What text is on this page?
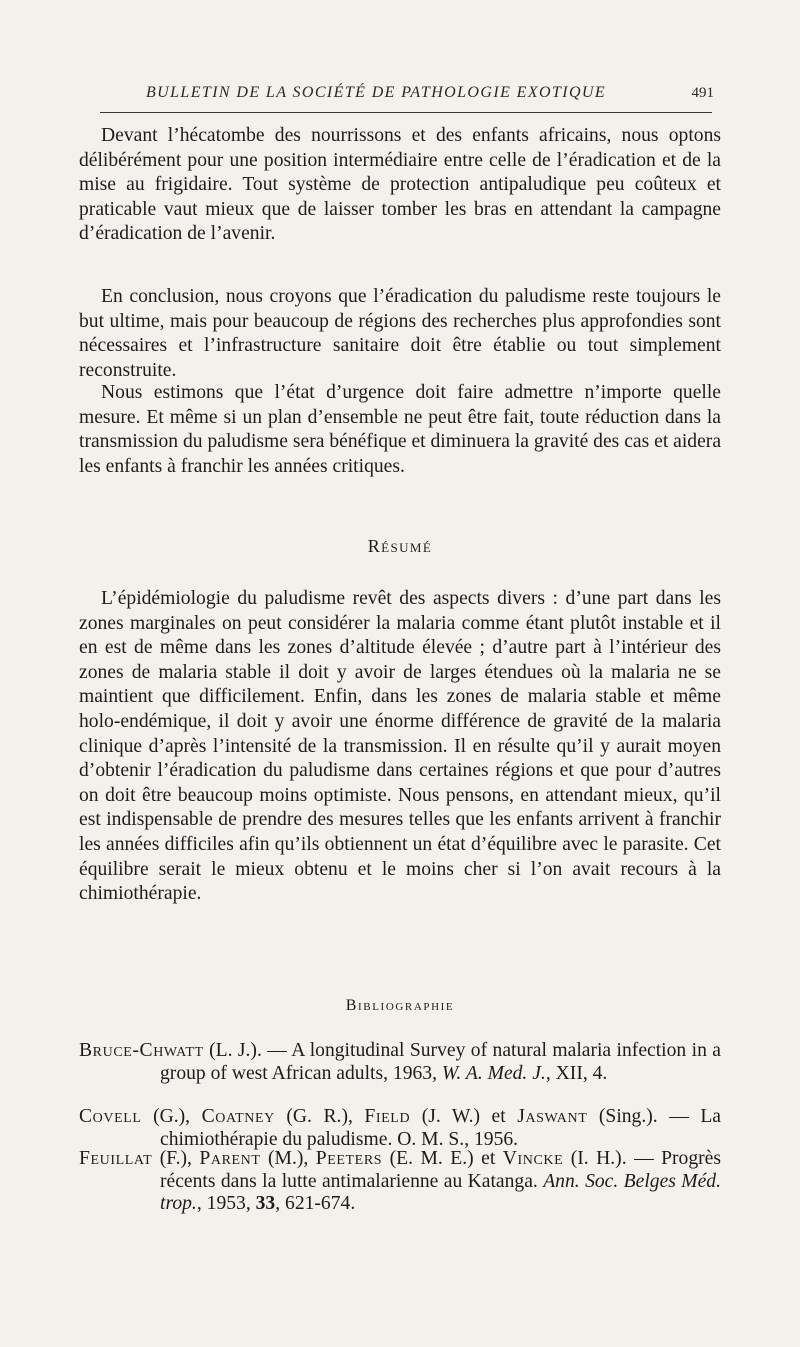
BULLETIN DE LA SOCIÉTÉ DE PATHOLOGIE EXOTIQUE	491

Devant l’hécatombe des nourrissons et des enfants africains, nous optons délibérément pour une position intermédiaire entre celle de l’éradication et de la mise au frigidaire. Tout système de protection antipaludique peu coûteux et praticable vaut mieux que de laisser tomber les bras en attendant la campagne d’éradication de l’avenir.

En conclusion, nous croyons que l’éradication du paludisme reste toujours le but ultime, mais pour beaucoup de régions des recherches plus approfondies sont nécessaires et l’infrastructure sanitaire doit être établie ou tout simplement reconstruite.

Nous estimons que l’état d’urgence doit faire admettre n’importe quelle mesure. Et même si un plan d’ensemble ne peut être fait, toute réduction dans la transmission du paludisme sera bénéfique et diminuera la gravité des cas et aidera les enfants à franchir les années critiques.

Résumé

L’épidémiologie du paludisme revêt des aspects divers : d’une part dans les zones marginales on peut considérer la malaria comme étant plutôt instable et il en est de même dans les zones d’altitude élevée ; d’autre part à l’intérieur des zones de malaria stable il doit y avoir de larges étendues où la malaria ne se maintient que difficilement. Enfin, dans les zones de malaria stable et même holo-endémique, il doit y avoir une énorme différence de gravité de la malaria clinique d’après l’intensité de la transmission. Il en résulte qu’il y aurait moyen d’obtenir l’éradication du paludisme dans certaines régions et que pour d’autres on doit être beaucoup moins optimiste. Nous pensons, en attendant mieux, qu’il est indispensable de prendre des mesures telles que les enfants arrivent à franchir les années difficiles afin qu’ils obtiennent un état d’équilibre avec le parasite. Cet équilibre serait le mieux obtenu et le moins cher si l’on avait recours à la chimiothérapie.

Bibliographie

Bruce-Chwatt (L. J.). — A longitudinal Survey of natural malaria infection in a group of west African adults, 1963, W. A. Med. J., XII, 4.

Covell (G.), Coatney (G. R.), Field (J. W.) et Jaswant (Sing.). — La chimiothérapie du paludisme. O. M. S., 1956.

Feuillat (F.), Parent (M.), Peeters (E. M. E.) et Vincke (I. H.). — Progrès récents dans la lutte antimalarienne au Katanga. Ann. Soc. Belges Méd. trop., 1953, 33, 621-674.
